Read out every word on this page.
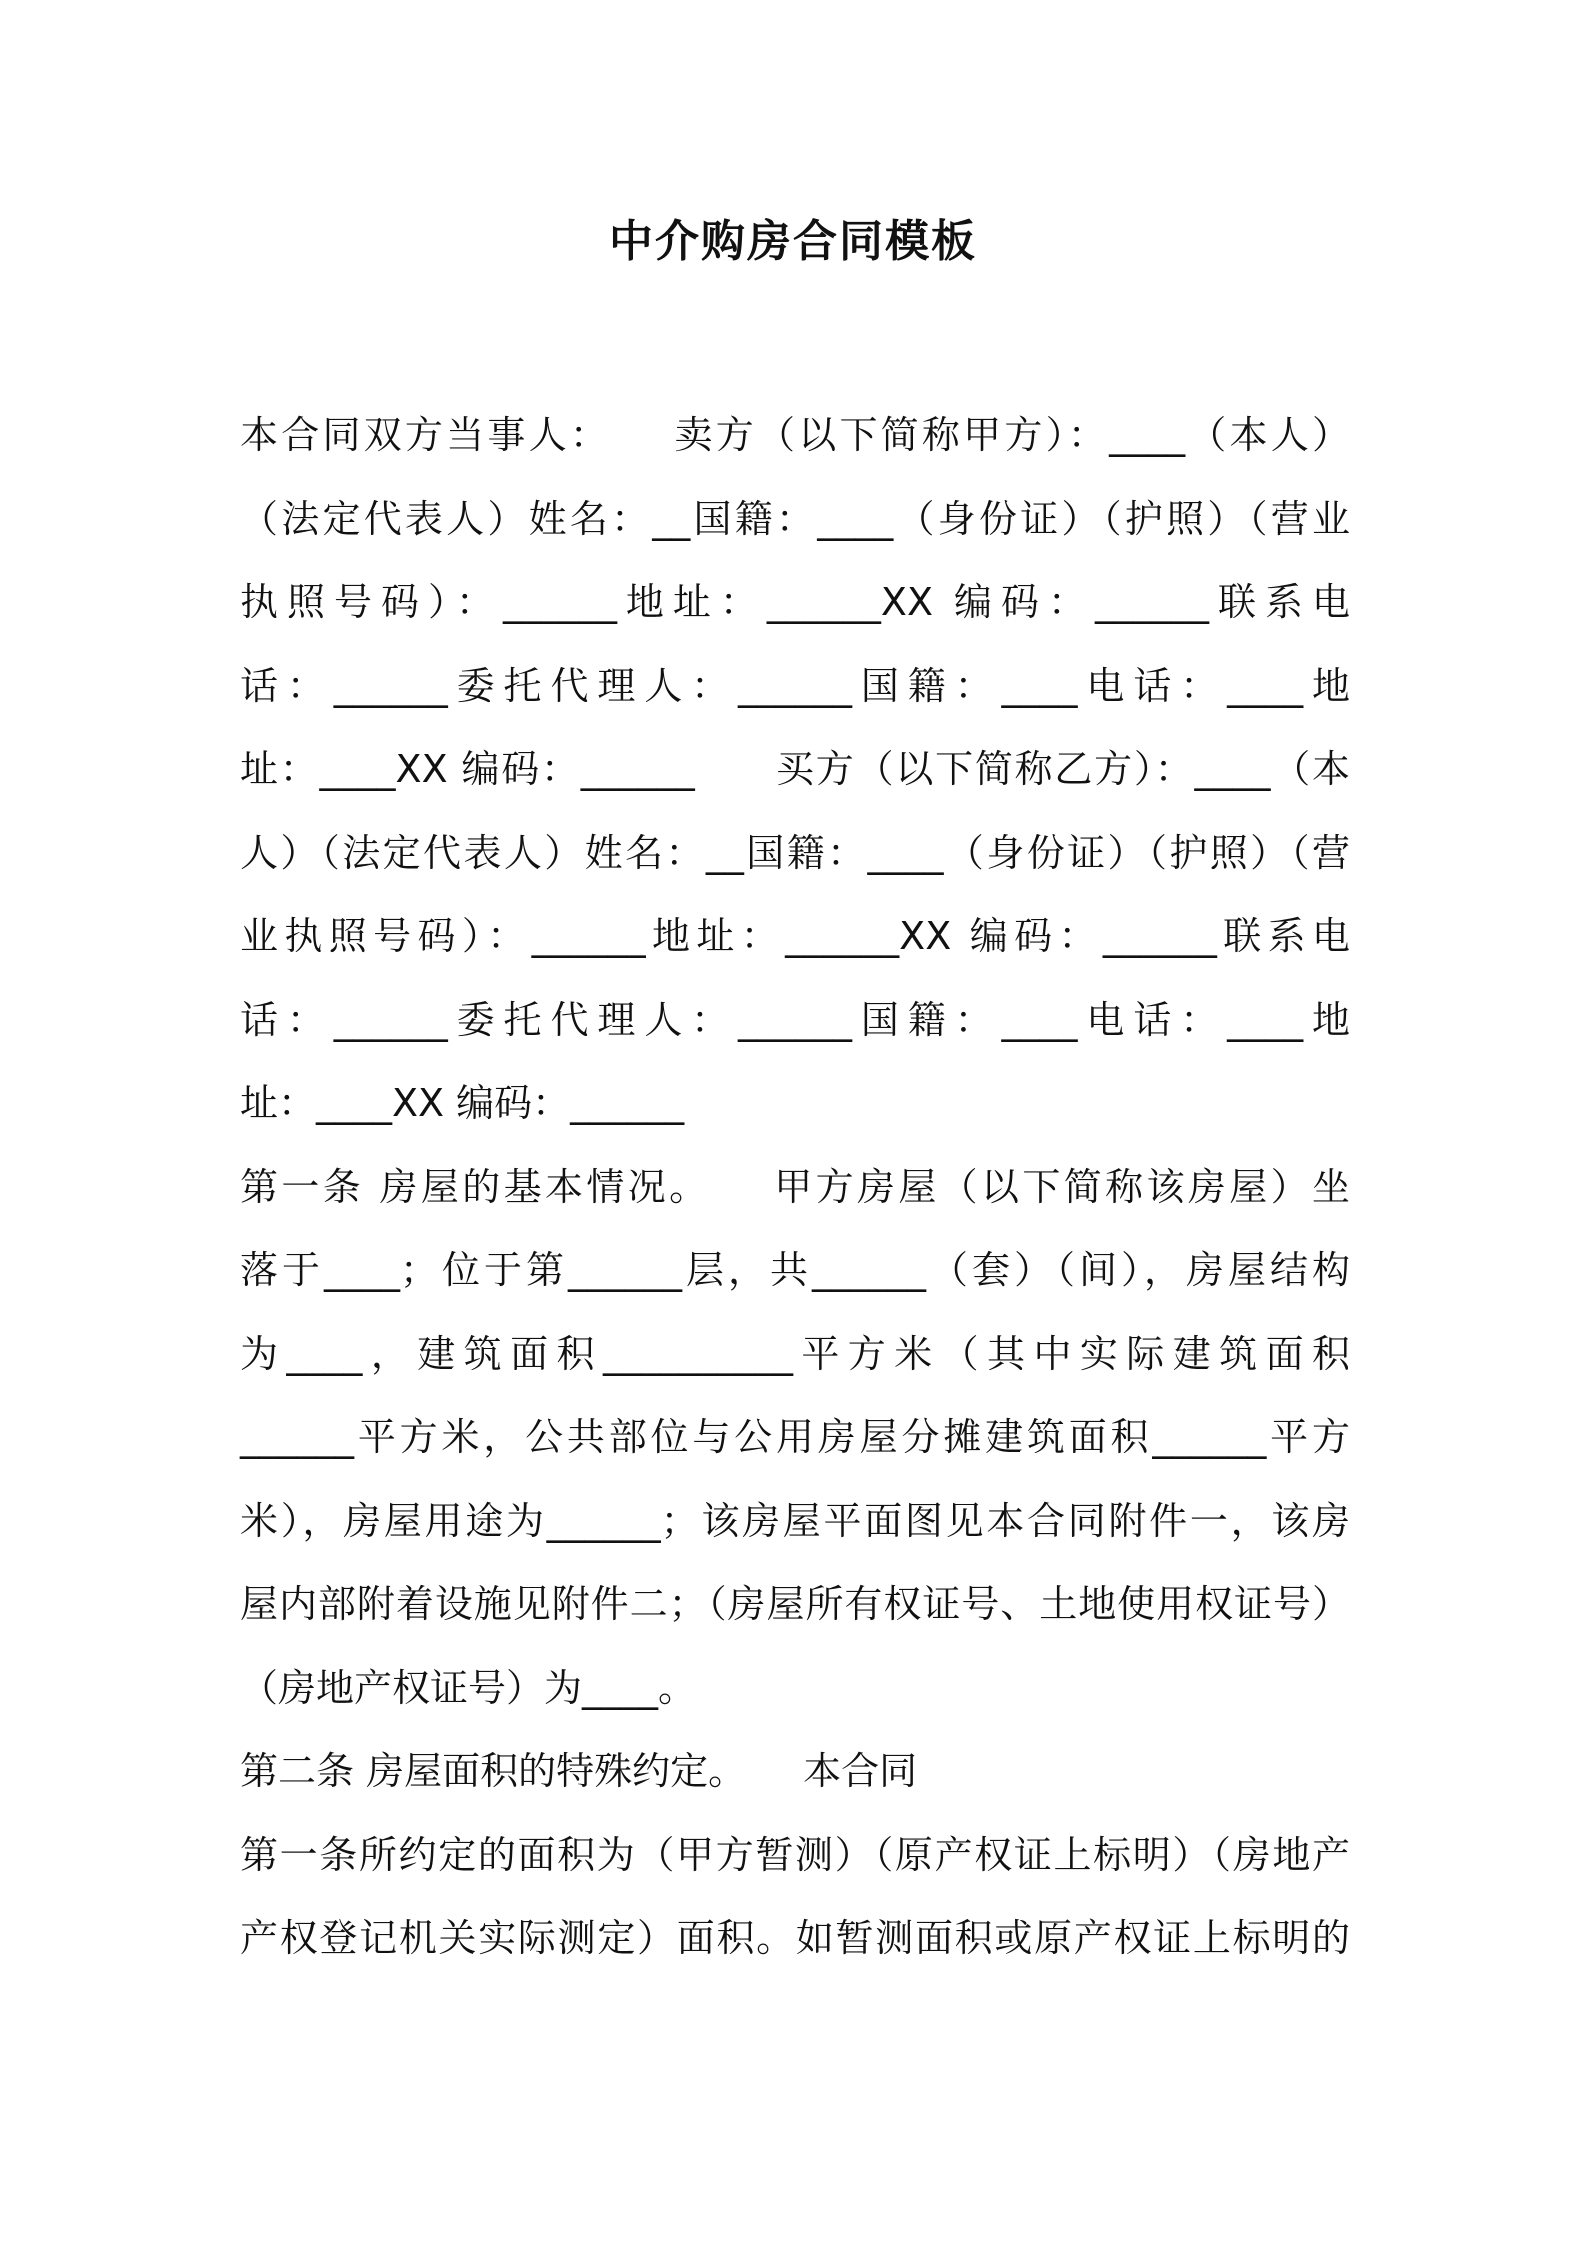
中介购房合同模板
本合同双方当事人：　　卖方（以下简称甲方）：____（本人）
（法定代表人）姓名：__国籍：____（身份证）（护照）（营业
执照号码）：______地址：______XX 编码：______联系电
话：______委托代理人：______国籍：____电话：____地
址：____XX 编码：______　　买方（以下简称乙方）：____（本
人）（法定代表人）姓名：__国籍：____（身份证）（护照）（营
业执照号码）：______地址：______XX 编码：______联系电
话：______委托代理人：______国籍：____电话：____地
址：____XX 编码：______
第一条 房屋的基本情况。　　甲方房屋（以下简称该房屋）坐
落于____；位于第______层，共______（套）（间），房屋结构
为____，建筑面积__________平方米（其中实际建筑面积
______平方米，公共部位与公用房屋分摊建筑面积______平方
米），房屋用途为______；该房屋平面图见本合同附件一，该房
屋内部附着设施见附件二；（房屋所有权证号、土地使用权证号）
（房地产权证号）为____。
第二条 房屋面积的特殊约定。　　本合同
第一条所约定的面积为（甲方暂测）（原产权证上标明）（房地产
产权登记机关实际测定）面积。如暂测面积或原产权证上标明的
